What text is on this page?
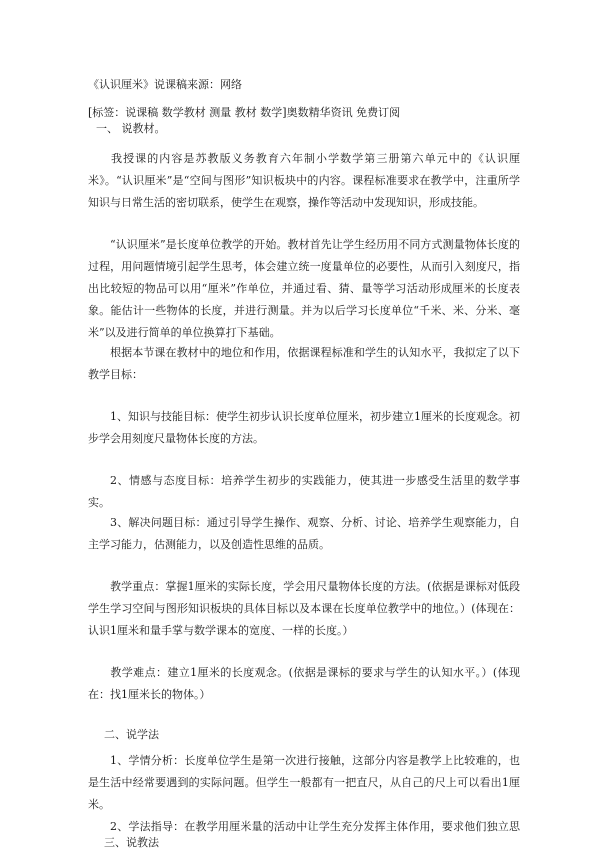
《认识厘米》说课稿来源：网络

[标签：说课稿 数学教材 测量 教材 数学]奥数精华资讯 免费订阅

一、 说教材。

我授课的内容是苏教版义务教育六年制小学数学第三册第六单元中的《认识厘米》。“认识厘米”是“空间与图形”知识板块中的内容。课程标准要求在教学中，注重所学知识与日常生活的密切联系，使学生在观察，操作等活动中发现知识，形成技能。

“认识厘米”是长度单位教学的开始。教材首先让学生经历用不同方式测量物体长度的过程，用问题情境引起学生思考，体会建立统一度量单位的必要性，从而引入刻度尺，指出比较短的物品可以用“厘米”作单位，并通过看、猜、量等学习活动形成厘米的长度表象。能估计一些物体的长度，并进行测量。并为以后学习长度单位“千米、米、分米、毫米”以及进行简单的单位换算打下基础。

根据本节课在教材中的地位和作用，依据课程标准和学生的认知水平，我拟定了以下教学目标：

1、知识与技能目标：使学生初步认识长度单位厘米，初步建立1厘米的长度观念。初步学会用刻度尺量物体长度的方法。

2、情感与态度目标：培养学生初步的实践能力，使其进一步感受生活里的数学事实。

3、解决问题目标：通过引导学生操作、观察、分析、讨论、培养学生观察能力，自主学习能力，估测能力，以及创造性思维的品质。

教学重点：掌握1厘米的实际长度，学会用尺量物体长度的方法。(依据是课标对低段学生学习空间与图形知识板块的具体目标以及本课在长度单位教学中的地位。）(体现在：认识1厘米和量手掌与数学课本的宽度、一样的长度。）

教学难点：建立1厘米的长度观念。(依据是课标的要求与学生的认知水平。）(体现在：找1厘米长的物体。）

二、说学法

1、学情分析：长度单位学生是第一次进行接触，这部分内容是教学上比较难的，也是生活中经常要遇到的实际问题。但学生一般都有一把直尺，从自己的尺上可以看出1厘米。

2、学法指导：在教学用厘米量的活动中让学生充分发挥主体作用，要求他们独立思

三、说教法
